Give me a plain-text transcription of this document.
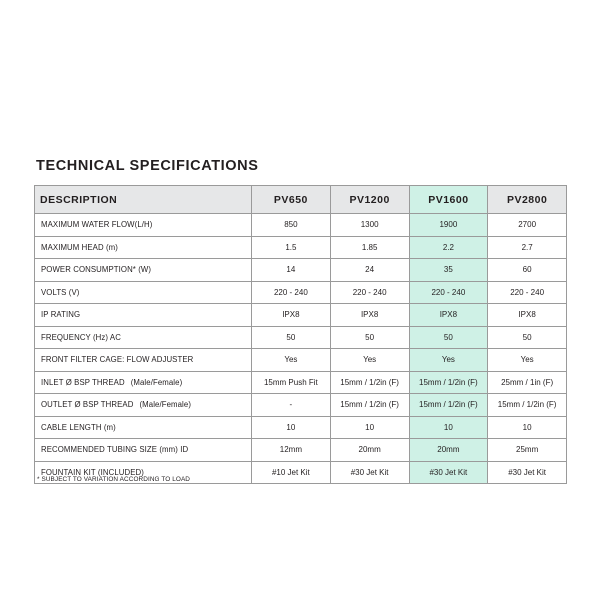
TECHNICAL SPECIFICATIONS
DESCRIPTION	PV650	PV1200	PV1600	PV2800
MAXIMUM WATER FLOW(L/H)	850	1300	1900	2700
MAXIMUM HEAD (m)	1.5	1.85	2.2	2.7
POWER CONSUMPTION* (W)	14	24	35	60
VOLTS (V)	220 - 240	220 - 240	220 - 240	220 - 240
IP RATING	IPX8	IPX8	IPX8	IPX8
FREQUENCY (Hz) AC	50	50	50	50
FRONT FILTER CAGE: FLOW ADJUSTER	Yes	Yes	Yes	Yes
INLET Ø BSP THREAD (Male/Female)	15mm Push Fit	15mm / 1/2in (F)	15mm / 1/2in (F)	25mm / 1in (F)
OUTLET Ø BSP THREAD (Male/Female)	-	15mm / 1/2in (F)	15mm / 1/2in (F)	15mm / 1/2in (F)
CABLE LENGTH (m)	10	10	10	10
RECOMMENDED TUBING SIZE (mm) ID	12mm	20mm	20mm	25mm
FOUNTAIN KIT (INCLUDED)	#10 Jet Kit	#30 Jet Kit	#30 Jet Kit	#30 Jet Kit

* SUBJECT TO VARIATION ACCORDING TO LOAD
